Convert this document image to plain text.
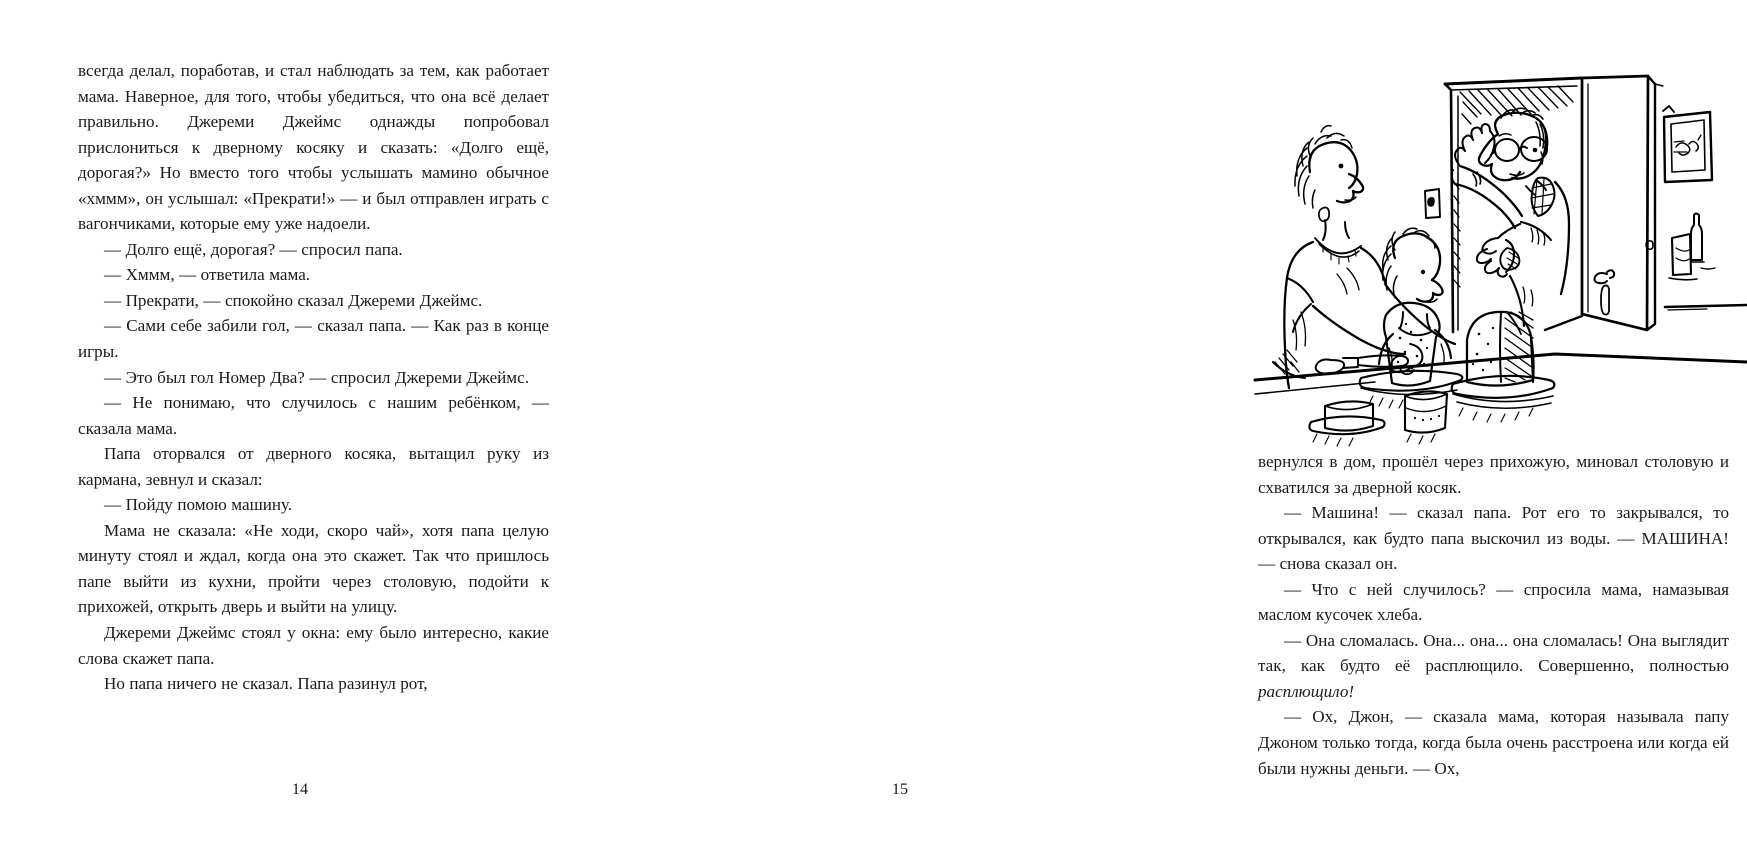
всегда делал, поработав, и стал наблюдать за тем, как работает мама. Наверное, для того, чтобы убедиться, что она всё делает правильно. Джереми Джеймс однажды попробовал прислониться к дверному косяку и сказать: «Долго ещё, дорогая?» Но вместо того чтобы услышать мамино обычное «хммм», он услышал: «Прекрати!» — и был отправлен играть с вагончиками, которые ему уже надоели.

— Долго ещё, дорогая? — спросил папа.

— Хммм, — ответила мама.

— Прекрати, — спокойно сказал Джереми Джеймс.

— Сами себе забили гол, — сказал папа. — Как раз в конце игры.

— Это был гол Номер Два? — спросил Джереми Джеймс.

— Не понимаю, что случилось с нашим ребёнком, — сказала мама.

Папа оторвался от дверного косяка, вытащил руку из кармана, зевнул и сказал:

— Пойду помою машину.

Мама не сказала: «Не ходи, скоро чай», хотя папа целую минуту стоял и ждал, когда она это скажет. Так что пришлось папе выйти из кухни, пройти через столовую, подойти к прихожей, открыть дверь и выйти на улицу.

Джереми Джеймс стоял у окна: ему было интересно, какие слова скажет папа.

Но папа ничего не сказал. Папа разинул рот,

14

вернулся в дом, прошёл через прихожую, миновал столовую и схватился за дверной косяк.

— Машина! — сказал папа. Рот его то закрывался, то открывался, как будто папа выскочил из воды. — МАШИНА! — снова сказал он.

— Что с ней случилось? — спросила мама, намазывая маслом кусочек хлеба.

— Она сломалась. Она... она... она сломалась! Она выглядит так, как будто её расплющило. Совершенно, полностью расплющило!

— Ох, Джон, — сказала мама, которая называла папу Джоном только тогда, когда была очень расстроена или когда ей были нужны деньги. — Ох,

15
